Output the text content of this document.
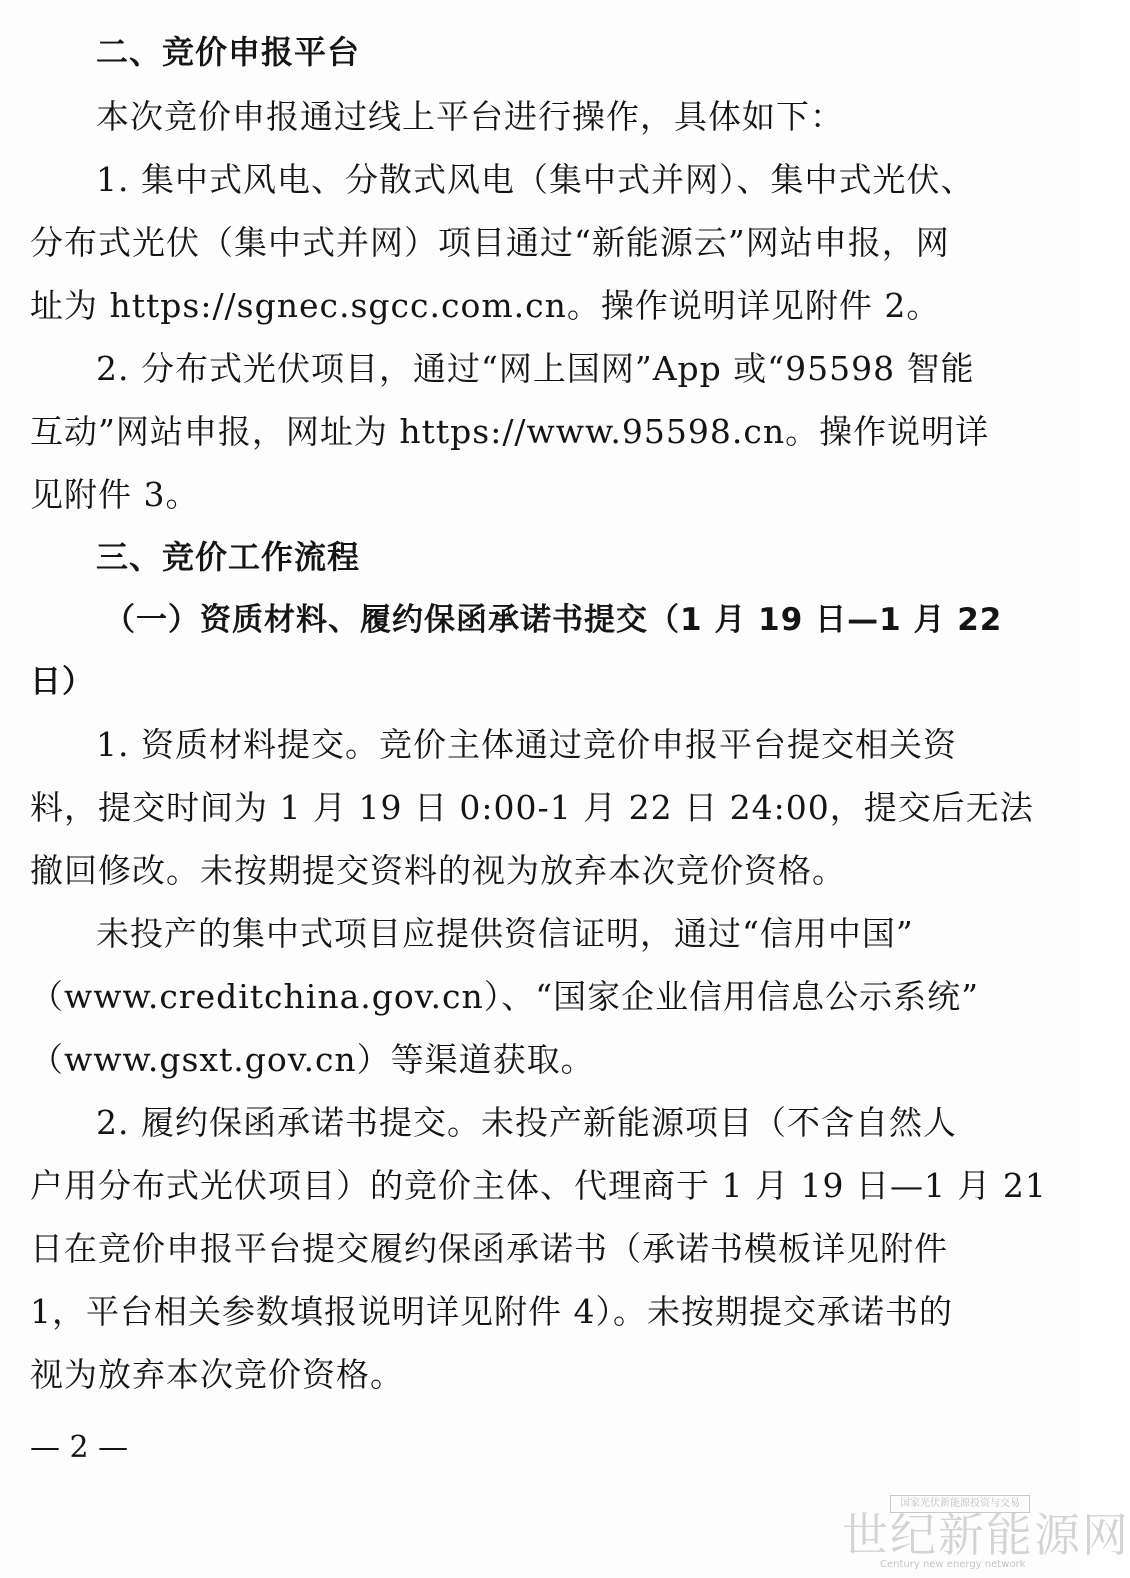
二、竞价申报平台
本次竞价申报通过线上平台进行操作，具体如下：
1. 集中式风电、分散式风电（集中式并网）、集中式光伏、
分布式光伏（集中式并网）项目通过“新能源云”网站申报，网
址为 https://sgnec.sgcc.com.cn。操作说明详见附件 2。
2. 分布式光伏项目，通过“网上国网”App 或“95598 智能
互动”网站申报，网址为 https://www.95598.cn。操作说明详
见附件 3。
三、竞价工作流程
（一）资质材料、履约保函承诺书提交（1 月 19 日—1 月 22
日）
1. 资质材料提交。竞价主体通过竞价申报平台提交相关资
料，提交时间为 1 月 19 日 0:00-1 月 22 日 24:00，提交后无法
撤回修改。未按期提交资料的视为放弃本次竞价资格。
未投产的集中式项目应提供资信证明，通过“信用中国”
（www.creditchina.gov.cn）、“国家企业信用信息公示系统”
（www.gsxt.gov.cn）等渠道获取。
2. 履约保函承诺书提交。未投产新能源项目（不含自然人
户用分布式光伏项目）的竞价主体、代理商于 1 月 19 日—1 月 21
日在竞价申报平台提交履约保函承诺书（承诺书模板详见附件
1，平台相关参数填报说明详见附件 4）。未按期提交承诺书的
视为放弃本次竞价资格。
— 2 —
国家光伏新能源投资与交易
世纪新能源网
Century new energy network
